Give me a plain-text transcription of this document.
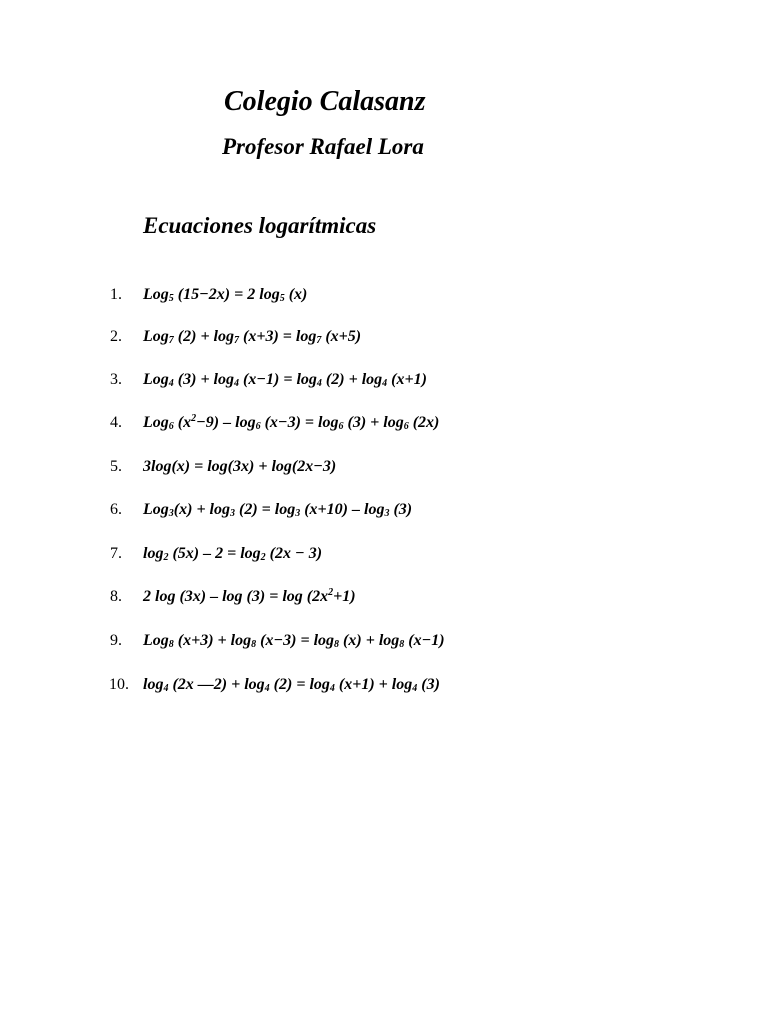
Colegio Calasanz
Profesor Rafael Lora
Ecuaciones logarítmicas
1. Log$_5$ (15−2x) = 2 $\log_5 (x)$
2. Log$_7$ $(2) + \log_7 (x+3) = \log_7 (x+5)$
3. Log$_4$ $(3) + \log_4 (x-1) = \log_4 (2) + \log_4 (x+1)$
4. Log$_6$ $(x^2-9) - \log_6 (x-3) = \log_6 (3) + \log_6 (2x)$
5. 3log(x) = log(3x) + log(2x−3)
6. $Log_3(x) + \log_3 (2) = \log_3 (x+10) - \log_3 (3)$
7. $\log_2 (5x) - 2 = \log_2 (2x - 3)$
8. 2 $\log (3x) - \log (3) = \log (2x^2+1)$
9. Log$_8$ $(x+3) + \log_8 (x-3) = \log_8 (x) + \log_8 (x-1)$
10. $\log_4 (2x$ —2) + $\log_4 (2) = \log_4 (x+1) + \log_4 (3)$
